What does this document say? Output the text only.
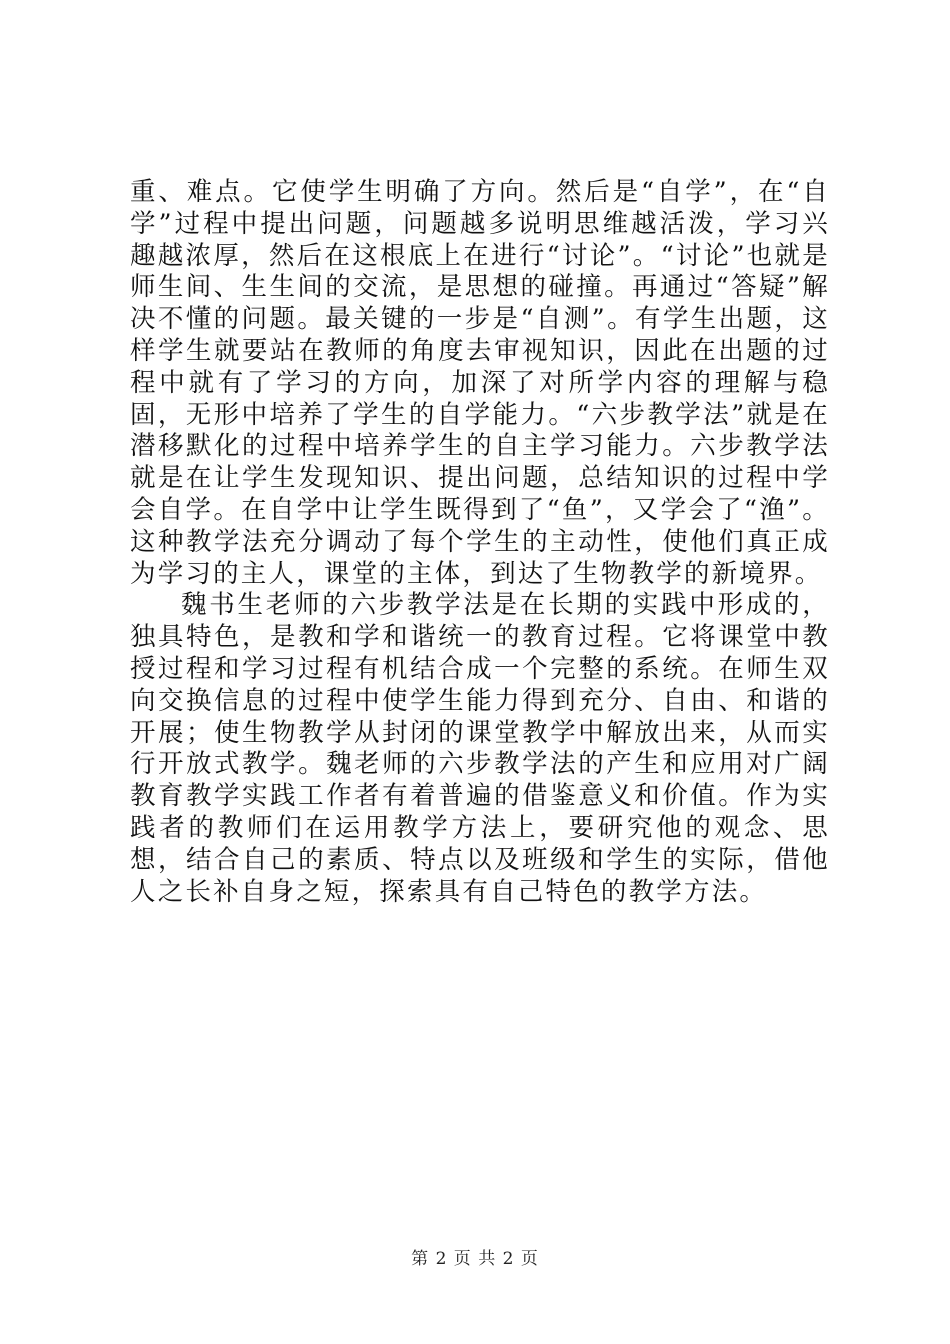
重、难点。它使学生明确了方向。然后是“自学”，在“自学”过程中提出问题，问题越多说明思维越活泼，学习兴趣越浓厚，然后在这根底上在进行“讨论”。“讨论”也就是师生间、生生间的交流，是思想的碰撞。再通过“答疑”解决不懂的问题。最关键的一步是“自测”。有学生出题，这样学生就要站在教师的角度去审视知识，因此在出题的过程中就有了学习的方向，加深了对所学内容的理解与稳固，无形中培养了学生的自学能力。“六步教学法”就是在潜移默化的过程中培养学生的自主学习能力。六步教学法就是在让学生发现知识、提出问题，总结知识的过程中学会自学。在自学中让学生既得到了“鱼”，又学会了“渔”。这种教学法充分调动了每个学生的主动性，使他们真正成为学习的主人，课堂的主体，到达了生物教学的新境界。

魏书生老师的六步教学法是在长期的实践中形成的，独具特色，是教和学和谐统一的教育过程。它将课堂中教授过程和学习过程有机结合成一个完整的系统。在师生双向交换信息的过程中使学生能力得到充分、自由、和谐的开展；使生物教学从封闭的课堂教学中解放出来，从而实行开放式教学。魏老师的六步教学法的产生和应用对广阔教育教学实践工作者有着普遍的借鉴意义和价值。作为实践者的教师们在运用教学方法上，要研究他的观念、思想，结合自己的素质、特点以及班级和学生的实际，借他人之长补自身之短，探索具有自己特色的教学方法。

第 2 页 共 2 页
